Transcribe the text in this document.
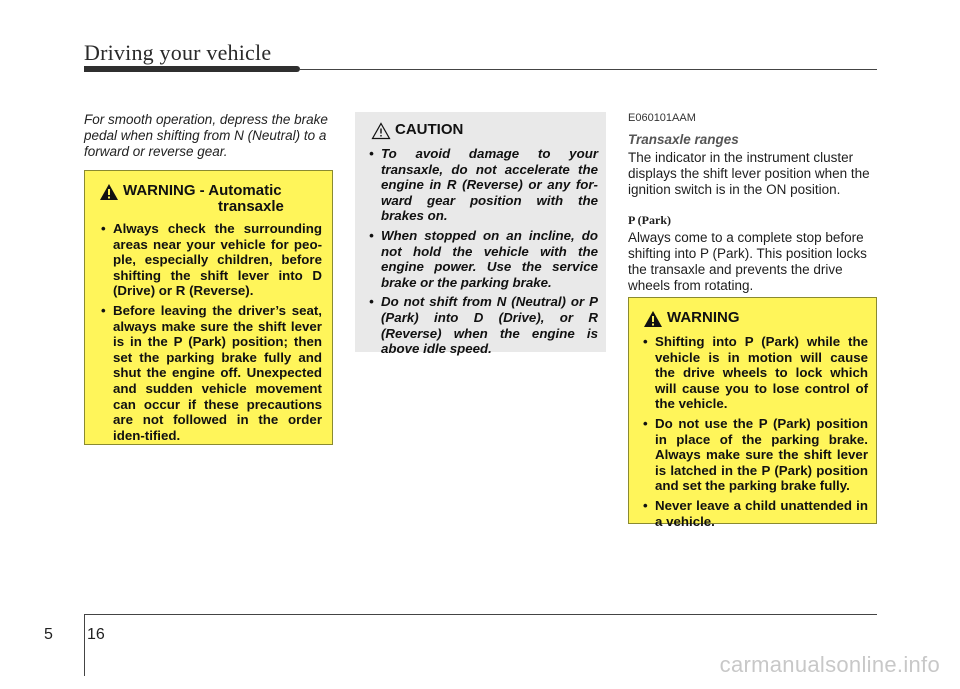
Driving your vehicle
For smooth operation, depress the brake pedal when shifting from N (Neutral) to a forward or reverse gear.
WARNING - Automatic
transaxle
• Always check the surrounding areas near your vehicle for peo-ple, especially children, before shifting the shift lever into D (Drive) or R (Reverse).
• Before leaving the driver’s seat, always make sure the shift lever is in the P (Park) position; then set the parking brake fully and shut the engine off. Unexpected and sudden vehicle movement can occur if these precautions are not followed in the order iden-tified.
CAUTION
• To avoid damage to your transaxle, do not accelerate the engine in R (Reverse) or any for-ward gear position with the brakes on.
• When stopped on an incline, do not hold the vehicle with the engine power. Use the service brake or the parking brake.
• Do not shift from N (Neutral) or P (Park) into D (Drive), or R (Reverse) when the engine is above idle speed.
E060101AAM
Transaxle ranges
The indicator in the instrument cluster displays the shift lever position when the ignition switch is in the ON position.
P (Park)
Always come to a complete stop before shifting into P (Park). This position locks the transaxle and prevents the drive wheels from rotating.
WARNING
• Shifting into P (Park) while the vehicle is in motion will cause the drive wheels to lock which will cause you to lose control of the vehicle.
• Do not use the P (Park) position in place of the parking brake. Always make sure the shift lever is latched in the P (Park) position and set the parking brake fully.
• Never leave a child unattended in a vehicle.
5 16
carmanualsonline.info
